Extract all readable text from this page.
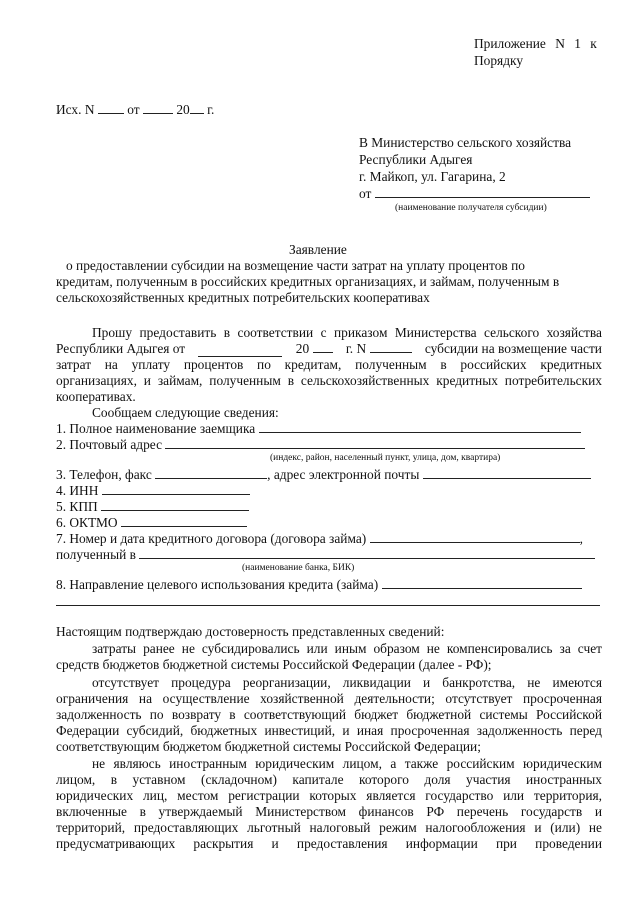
Приложение N 1 к
Порядку
Исх. N от	20 г.
В Министерство сельского хозяйства
Республики Адыгея
г. Майкоп, ул. Гагарина, 2
от
(наименование получателя субсидии)
Заявление
о предоставлении субсидии на возмещение части затрат на уплату процентов по
кредитам, полученным в российских кредитных организациях, и займам, полученным в
сельскохозяйственных кредитных потребительских кооперативах
Прошу предоставить в соответствии с приказом Министерства сельского хозяйства
Республики Адыгея от	20	г. N	субсидии на возмещение части
затрат на уплату процентов по кредитам, полученным в российских кредитных
организациях, и займам, полученным в сельскохозяйственных кредитных потребительских
кооперативах.
Сообщаем следующие сведения:
1. Полное наименование заемщика
2. Почтовый адрес
(индекс, район, населенный пункт, улица, дом, квартира)
3. Телефон, факс	, адрес электронной почты
4. ИНН
5. КПП
6. ОКТМО
7. Номер и дата кредитного договора (договора займа)	,
полученный в
(наименование банка, БИК)
8. Направление целевого использования кредита (займа)
Настоящим подтверждаю достоверность представленных сведений:
затраты ранее не субсидировались или иным образом не компенсировались за счет
средств бюджетов бюджетной системы Российской Федерации (далее - РФ);
отсутствует процедура реорганизации, ликвидации и банкротства, не имеются
ограничения на осуществление хозяйственной деятельности; отсутствует просроченная
задолженность по возврату в соответствующий бюджет бюджетной системы Российской
Федерации субсидий, бюджетных инвестиций, и иная просроченная задолженность перед
соответствующим бюджетом бюджетной системы Российской Федерации;
не являюсь иностранным юридическим лицом, а также российским юридическим
лицом, в уставном (складочном) капитале которого доля участия иностранных
юридических лиц, местом регистрации которых является государство или территория,
включенные в утверждаемый Министерством финансов РФ перечень государств и
территорий, предоставляющих льготный налоговый режим налогообложения и (или) не
предусматривающих раскрытия и предоставления информации при проведении
